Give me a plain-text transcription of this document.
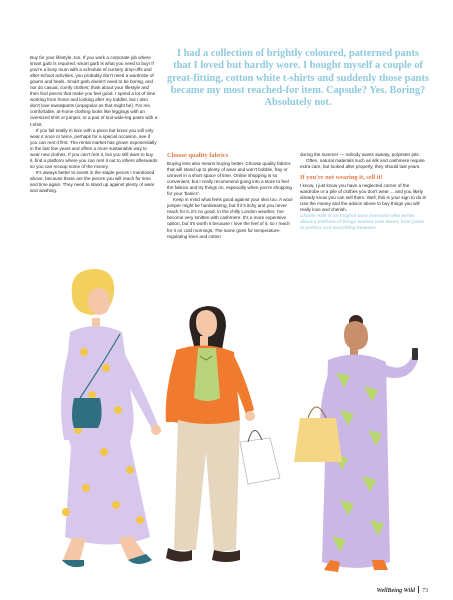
Buy for your lifestyle, too. If you work a corporate job where smart garb is required, smart garb is what you need to buy! If you're a busy mum with a schedule of nursery drop-offs and after-school activities, you probably don't need a wardrobe of gowns and heels. Smart garb doesn't need to be boring, and nor do casual, comfy clothes; think about your lifestyle and then find pieces that make you feel good. I spend a lot of time working from home and looking after my toddler, but I also don't love sweatpants (unpopular as that might be). For me, comfortable, at-home clothing looks like leggings with an oversized shirt or jumper, or a pair of knit wide-leg pants with a t-shirt.

If you fall totally in love with a piece but know you will only wear it once or twice, perhaps for a special occasion, see if you can rent it first. The rental market has grown exponentially in the last few years and offers a more sustainable way to wear new clothes. If you can't rent it, but you still want to buy it, find a platform where you can rent it out to others afterwards so you can recoup some of the money.

It's always better to invest in the staple pieces I mentioned above, because those are the pieces you will reach for time and time again. They need to stand up against plenty of wear and washing.

I had a collection of brightly coloured, patterned pants that I loved but hardly wore. I bought myself a couple of great-fitting, cotton white t-shirts and suddenly those pants became my most reached-for item. Capsule? Yes. Boring? Absolutely not.
Choose quality fabrics

Buying less also means buying better. Choose quality fabrics that will stand up to plenty of wear and won't bobble, fray or unravel in a short space of time. Online shopping is so convenient, but I really recommend going into a store to feel the fabrics and try things on, especially when you're shopping for your 'basics'.

Keep in mind what feels good against your skin too. A wool jumper might be hardwearing, but if it's itchy and you never reach for it, it's no good. In the chilly London weather, I've become very smitten with cashmere. It's a more expensive option, but it's worth it because I love the feel of it, so I reach for it on cold mornings. The same goes for temperature-regulating linen and cotton

during the summer — nobody wants sweaty, polyester pits.

Often, natural materials such as silk and cashmere require extra care, but looked after properly, they should last years.

If you're not wearing it, sell it!

I know, I just know you have a neglected corner of the wardrobe or a pile of clothes you don't wear ... and you likely already know you can sell them. Well, this is your sign to do it! Use the money and the advice above to buy things you will really love and cherish.

Charlie Hale is an English-born journalist who writes about a plethora of things women care about, from pasta to politics and everything between.

WellBeing Wild 73
